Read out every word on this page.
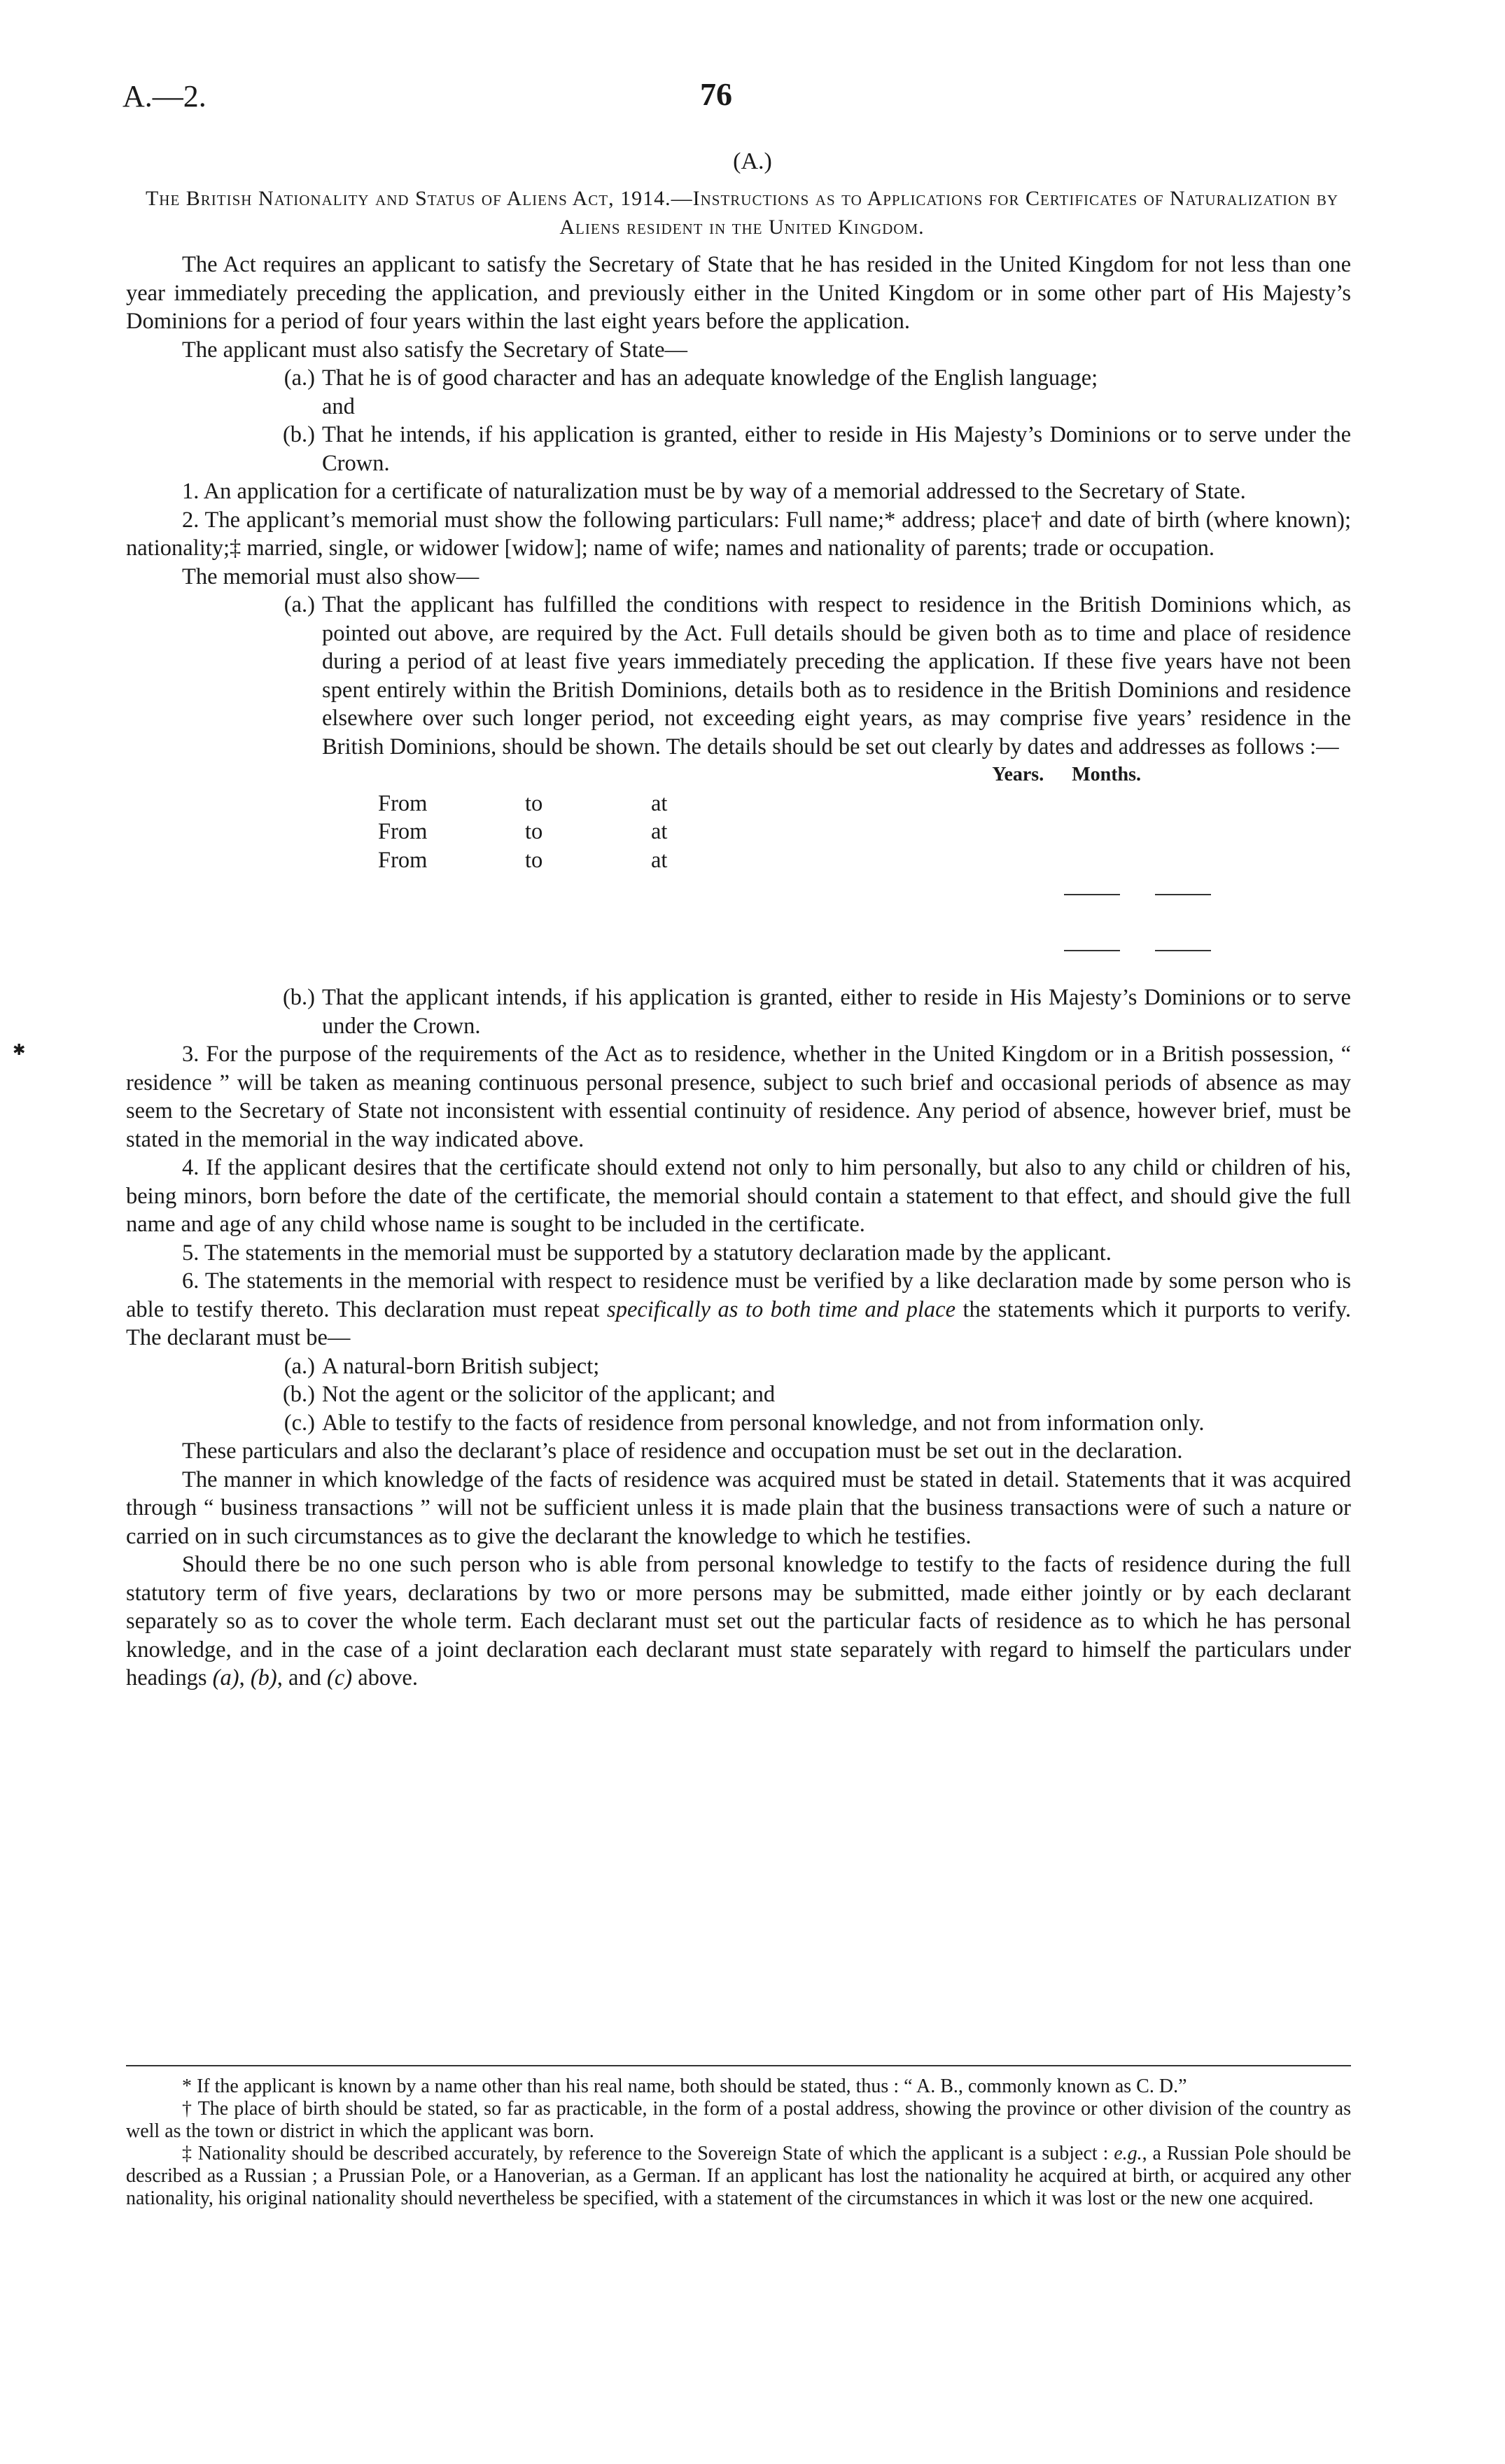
A.—2.	76
(A.)
The British Nationality and Status of Aliens Act, 1914.—Instructions as to Applications for Certificates of Naturalization by Aliens resident in the United Kingdom.
✱

The Act requires an applicant to satisfy the Secretary of State that he has resided in the United Kingdom for not less than one year immediately preceding the application, and previously either in the United Kingdom or in some other part of His Majesty’s Dominions for a period of four years within the last eight years before the application.

The applicant must also satisfy the Secretary of State—

(a.) That he is of good character and has an adequate knowledge of the English language;

and

(b.) That he intends, if his application is granted, either to reside in His Majesty’s Dominions or to serve under the Crown.

1. An application for a certificate of naturalization must be by way of a memorial addressed to the Secretary of State.

2. The applicant’s memorial must show the following particulars: Full name;* address; place† and date of birth (where known); nationality;‡ married, single, or widower [widow]; name of wife; names and nationality of parents; trade or occupation.

The memorial must also show—

(a.) That the applicant has fulfilled the conditions with respect to residence in the British Dominions which, as pointed out above, are required by the Act. Full details should be given both as to time and place of residence during a period of at least five years immediately preceding the application. If these five years have not been spent entirely within the British Dominions, details both as to residence in the British Dominions and residence elsewhere over such longer period, not exceeding eight years, as may comprise five years’ residence in the British Dominions, should be shown. The details should be set out clearly by dates and addresses as follows :—

Years. Months.
From	to	at
From	to	at
From	to	at
(b.) That the applicant intends, if his application is granted, either to reside in His Majesty’s Dominions or to serve under the Crown.

3. For the purpose of the requirements of the Act as to residence, whether in the United Kingdom or in a British possession, “ residence ” will be taken as meaning continuous personal presence, subject to such brief and occasional periods of absence as may seem to the Secretary of State not inconsistent with essential continuity of residence. Any period of absence, however brief, must be stated in the memorial in the way indicated above.

4. If the applicant desires that the certificate should extend not only to him personally, but also to any child or children of his, being minors, born before the date of the certificate, the memorial should contain a statement to that effect, and should give the full name and age of any child whose name is sought to be included in the certificate.

5. The statements in the memorial must be supported by a statutory declaration made by the applicant.

6. The statements in the memorial with respect to residence must be verified by a like declaration made by some person who is able to testify thereto. This declaration must repeat specifically as to both time and place the statements which it purports to verify. The declarant must be—

(a.) A natural-born British subject;

(b.) Not the agent or the solicitor of the applicant; and

(c.) Able to testify to the facts of residence from personal knowledge, and not from information only.

These particulars and also the declarant’s place of residence and occupation must be set out in the declaration.

The manner in which knowledge of the facts of residence was acquired must be stated in detail. Statements that it was acquired through “ business transactions ” will not be sufficient unless it is made plain that the business transactions were of such a nature or carried on in such circumstances as to give the declarant the knowledge to which he testifies.

Should there be no one such person who is able from personal knowledge to testify to the facts of residence during the full statutory term of five years, declarations by two or more persons may be submitted, made either jointly or by each declarant separately so as to cover the whole term. Each declarant must set out the particular facts of residence as to which he has personal knowledge, and in the case of a joint declaration each declarant must state separately with regard to himself the particulars under headings (a), (b), and (c) above.

* If the applicant is known by a name other than his real name, both should be stated, thus : “ A. B., commonly known as C. D.”

† The place of birth should be stated, so far as practicable, in the form of a postal address, showing the province or other division of the country as well as the town or district in which the applicant was born.

‡ Nationality should be described accurately, by reference to the Sovereign State of which the applicant is a subject : e.g., a Russian Pole should be described as a Russian ; a Prussian Pole, or a Hanoverian, as a German. If an applicant has lost the nationality he acquired at birth, or acquired any other nationality, his original nationality should nevertheless be specified, with a statement of the circumstances in which it was lost or the new one acquired.
